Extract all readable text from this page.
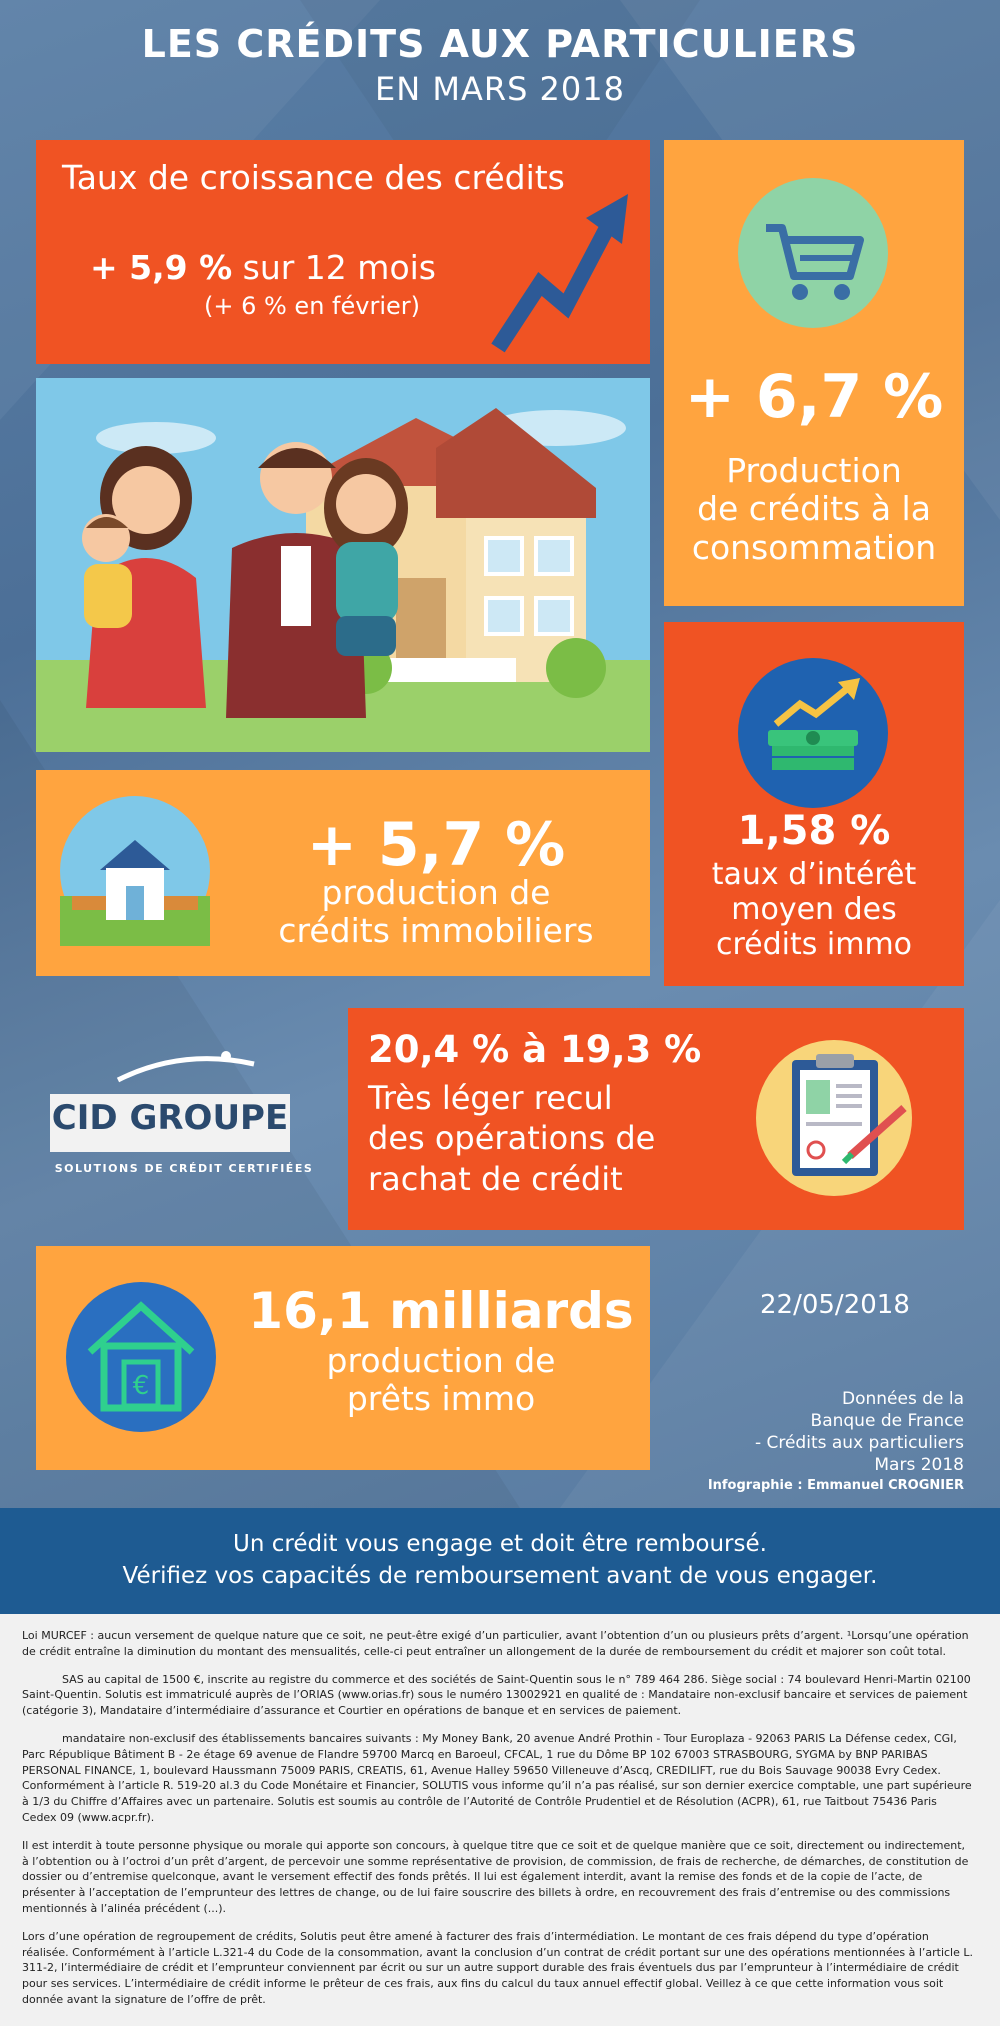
LES CRÉDITS AUX PARTICULIERS
EN MARS 2018
Taux de croissance des crédits
+ 5,9 % sur 12 mois
(+ 6 % en février)
+ 6,7 %
Production
de crédits à la
consommation
1,58 %
taux d’intérêt
moyen des
crédits immo
+ 5,7 %
production de
crédits immobiliers
CID GROUPE
SOLUTIONS DE CRÉDIT CERTIFIÉES
20,4 % à 19,3 %
Très léger recul
des opérations de
rachat de crédit
€
16,1 milliards
production de
prêts immo
22/05/2018
Données de la
Banque de France
- Crédits aux particuliers
Mars 2018
Infographie : Emmanuel CROGNIER
Un crédit vous engage et doit être remboursé.
Vérifiez vos capacités de remboursement avant de vous engager.

Loi MURCEF : aucun versement de quelque nature que ce soit, ne peut-être exigé d’un particulier, avant l’obtention d’un ou plusieurs prêts d’argent. ¹Lorsqu’une opération de crédit entraîne la diminution du montant des mensualités, celle-ci peut entraîner un allongement de la durée de remboursement du crédit et majorer son coût total.

SAS au capital de 1500 €, inscrite au registre du commerce et des sociétés de Saint-Quentin sous le n° 789 464 286. Siège social : 74 boulevard Henri-Martin 02100 Saint-Quentin. Solutis est immatriculé auprès de l’ORIAS (www.orias.fr) sous le numéro 13002921 en qualité de : Mandataire non-exclusif bancaire et services de paiement (catégorie 3), Mandataire d’intermédiaire d’assurance et Courtier en opérations de banque et en services de paiement.

mandataire non-exclusif des établissements bancaires suivants : My Money Bank, 20 avenue André Prothin - Tour Europlaza - 92063 PARIS La Défense cedex, CGI, Parc République Bâtiment B - 2e étage 69 avenue de Flandre 59700 Marcq en Baroeul, CFCAL, 1 rue du Dôme BP 102 67003 STRASBOURG, SYGMA by BNP PARIBAS PERSONAL FINANCE, 1, boulevard Haussmann 75009 PARIS, CREATIS, 61, Avenue Halley 59650 Villeneuve d’Ascq, CREDILIFT, rue du Bois Sauvage 90038 Evry Cedex. Conformément à l’article R. 519-20 al.3 du Code Monétaire et Financier, SOLUTIS vous informe qu’il n’a pas réalisé, sur son dernier exercice comptable, une part supérieure à 1/3 du Chiffre d’Affaires avec un partenaire. Solutis est soumis au contrôle de l’Autorité de Contrôle Prudentiel et de Résolution (ACPR), 61, rue Taitbout 75436 Paris Cedex 09 (www.acpr.fr).

Il est interdit à toute personne physique ou morale qui apporte son concours, à quelque titre que ce soit et de quelque manière que ce soit, directement ou indirectement, à l’obtention ou à l’octroi d’un prêt d’argent, de percevoir une somme représentative de provision, de commission, de frais de recherche, de démarches, de constitution de dossier ou d’entremise quelconque, avant le versement effectif des fonds prêtés. Il lui est également interdit, avant la remise des fonds et de la copie de l’acte, de présenter à l’acceptation de l’emprunteur des lettres de change, ou de lui faire souscrire des billets à ordre, en recouvrement des frais d’entremise ou des commissions mentionnés à l’alinéa précédent (...).

Lors d’une opération de regroupement de crédits, Solutis peut être amené à facturer des frais d’intermédiation. Le montant de ces frais dépend du type d’opération réalisée. Conformément à l’article L.321-4 du Code de la consommation, avant la conclusion d’un contrat de crédit portant sur une des opérations mentionnées à l’article L. 311-2, l’intermédiaire de crédit et l’emprunteur conviennent par écrit ou sur un autre support durable des frais éventuels dus par l’emprunteur à l’intermédiaire de crédit pour ses services. L’intermédiaire de crédit informe le prêteur de ces frais, aux fins du calcul du taux annuel effectif global. Veillez à ce que cette information vous soit donnée avant la signature de l’offre de prêt.
